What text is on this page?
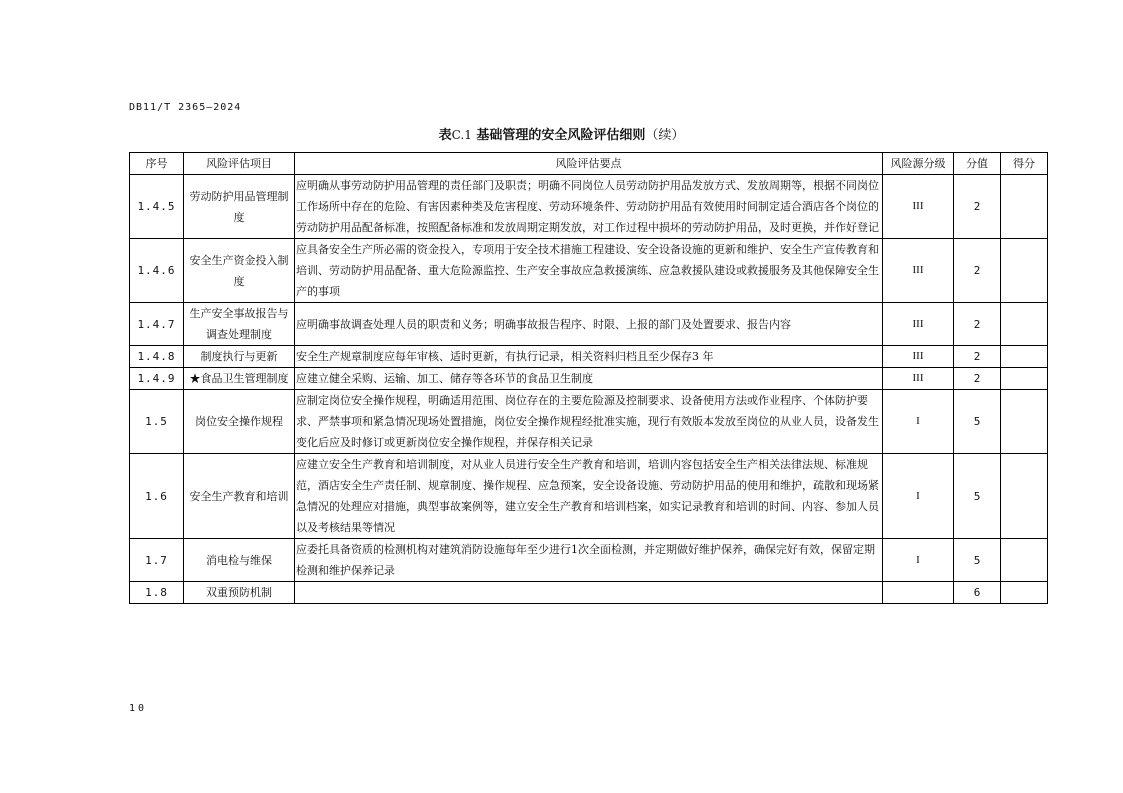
DB11/T 2365—2024
表C.1 基础管理的安全风险评估细则（续）
序号	风险评估项目	风险评估要点	风险源分级	分值	得分
1.4.5	劳动防护用品管理制度	应明确从事劳动防护用品管理的责任部门及职责；明确不同岗位人员劳动防护用品发放方式、发放周期等，根据不同岗位工作场所中存在的危险、有害因素种类及危害程度、劳动环境条件、劳动防护用品有效使用时间制定适合酒店各个岗位的劳动防护用品配备标准，按照配备标准和发放周期定期发放，对工作过程中损坏的劳动防护用品，及时更换，并作好登记	III	2	
1.4.6	安全生产资金投入制度	应具备安全生产所必需的资金投入，专项用于安全技术措施工程建设、安全设备设施的更新和维护、安全生产宣传教育和培训、劳动防护用品配备、重大危险源监控、生产安全事故应急救援演练、应急救援队建设或救援服务及其他保障安全生产的事项	III	2	
1.4.7	生产安全事故报告与调查处理制度	应明确事故调查处理人员的职责和义务；明确事故报告程序、时限、上报的部门及处置要求、报告内容	III	2	
1.4.8	制度执行与更新	安全生产规章制度应每年审核、适时更新，有执行记录，相关资料归档且至少保存3 年	III	2	
1.4.9	★食品卫生管理制度	应建立健全采购、运输、加工、储存等各环节的食品卫生制度	III	2	
1.5	岗位安全操作规程	应制定岗位安全操作规程，明确适用范围、岗位存在的主要危险源及控制要求、设备使用方法或作业程序、个体防护要求、严禁事项和紧急情况现场处置措施，岗位安全操作规程经批准实施，现行有效版本发放至岗位的从业人员，设备发生变化后应及时修订或更新岗位安全操作规程，并保存相关记录	I	5	
1.6	安全生产教育和培训	应建立安全生产教育和培训制度，对从业人员进行安全生产教育和培训，培训内容包括安全生产相关法律法规、标准规范，酒店安全生产责任制、规章制度、操作规程、应急预案，安全设备设施、劳动防护用品的使用和维护，疏散和现场紧急情况的处理应对措施，典型事故案例等，建立安全生产教育和培训档案，如实记录教育和培训的时间、内容、参加人员以及考核结果等情况	I	5	
1.7	消电检与维保	应委托具备资质的检测机构对建筑消防设施每年至少进行1次全面检测，并定期做好维护保养，确保完好有效，保留定期检测和维护保养记录	I	5	
1.8	双重预防机制			6	
10
